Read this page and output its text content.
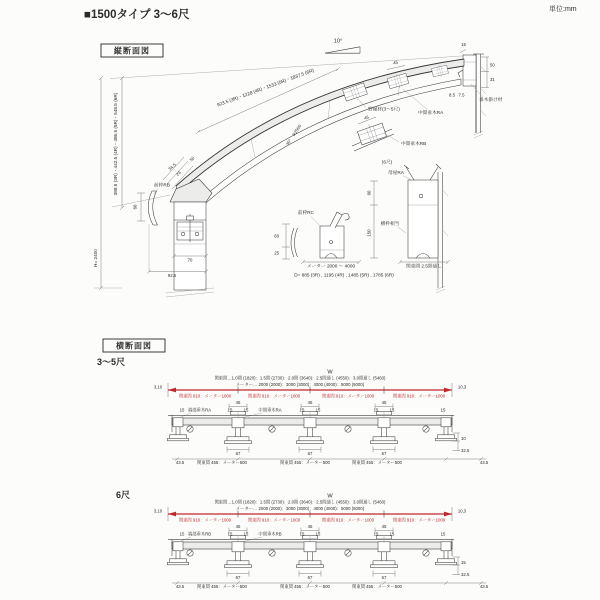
■1500タイプ 3〜6尺	単位:mm
縦断面図
10°	15
388.5 (3R)・442.5 (4R)・486.5 (5R)・548.5 (6R)
H= 2400
923.5 (3R)・1228 (4R)・1533 (5R)・1837.5 (6R)
R2500
30°
50
34.5
24
45
45
野縁材(3〜5尺)
中間垂木RA
中間垂木RB
(6尺)
母屋RA
垂木掛け材
前枠RB
前枠RC
横枠相当
50
31
8.5 7.5
60
70
92.5
60
25
60
150
メーター 2000 〜 4000	関東間 2.5間通し
D= 885 (3R) , 1195 (4R) , 1485 (5R) , 1785 (6R)
横断面図
3〜5尺
W
関東間…1.0間 (1820)：1.5間 (2730)：2.0間 (3640)：2.5間通し (4550)：3.0間通し (5460)
メーター… 2000 (2000)：3000 (3000)：4000 (4000)：5000 (5000)
3,10	10,3
関東間 910：メーター1000	関東間 910：メーター1000	関東間 910：メーター1000	関東間 910：メーター1000
45	45	45
15	15	15	15	15	15	15	15
端部垂木RA	中間垂木RA
67	67	67
43.5	関東間 455：メーター500	関東間 455：メーター500	関東間 455：メーター500	43.5
10
32.5
6尺	W
関東間…1.0間 (1820)：1.5間 (2730)：2.0間 (3640)：2.5間通し (4550)：3.0間通し (5460)
メーター… 2000 (2000)：3000 (3000)：4000 (4000)：5000 (5000)
3,10	10,3
関東間 910：メーター1000	関東間 910：メーター1000	関東間 910：メーター1000	関東間 910：メーター1000
45	45	45
15	15	15	15	15	15	15	15
端部垂木RB	中間垂木RB
67	67	67
43.5	関東間 455：メーター500	関東間 455：メーター500	関東間 455：メーター500	43.5
15
32.5
